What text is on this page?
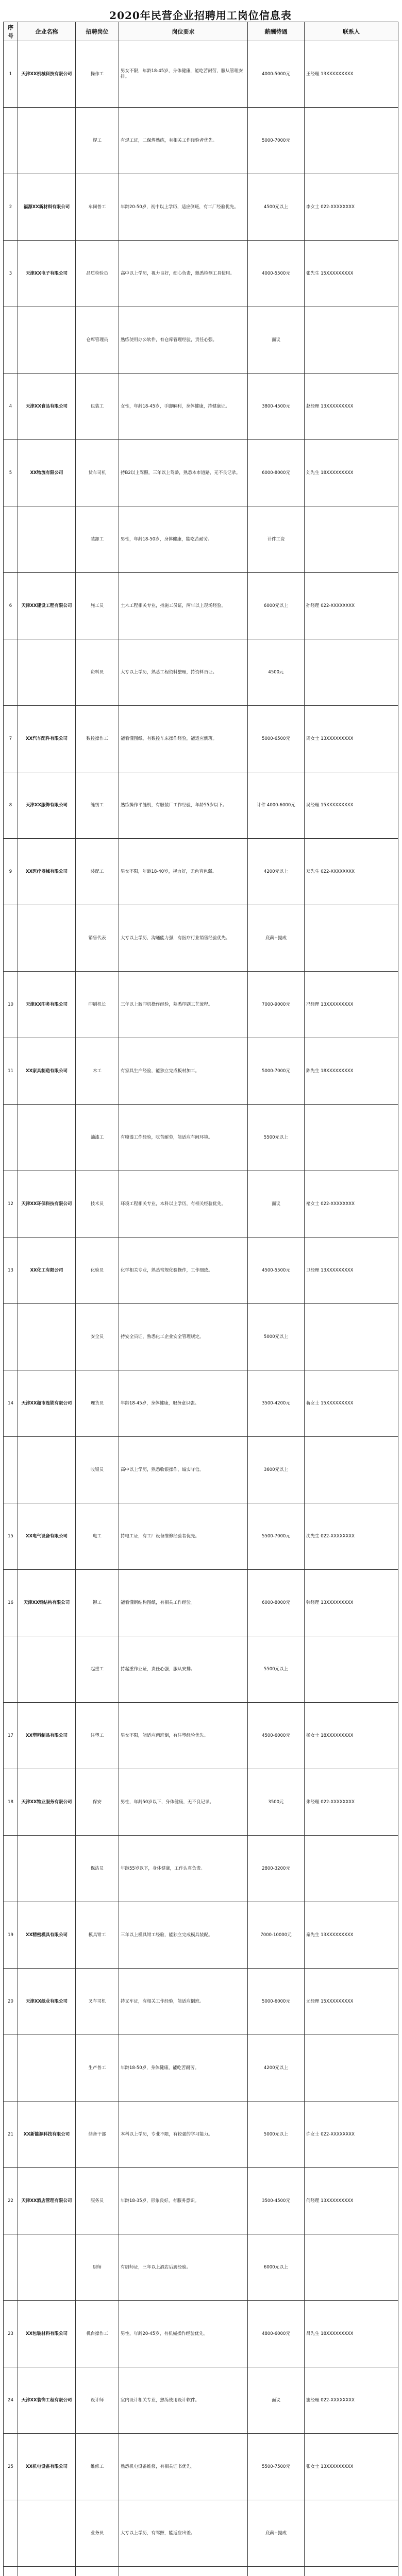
2020年民营企业招聘用工岗位信息表
序号	企业名称	招聘岗位	岗位要求	薪酬待遇	联系人
1	天津XX机械科技有限公司	操作工	男女不限，年龄18-45岁，身体健康，能吃苦耐劳，服从管理安排。	4000-5000元	王经理 13XXXXXXXXX
		焊工	有焊工证，二保焊熟练，有相关工作经验者优先。	5000-7000元	
2	福源XX新材料有限公司	车间普工	年龄20-50岁，初中以上学历，适应倒班，有工厂经验优先。	4500元以上	李女士 022-XXXXXXXX
3	天津XX电子有限公司	品质检验员	高中以上学历，视力良好，细心负责，熟悉检测工具使用。	4000-5500元	张先生 15XXXXXXXXX
		仓库管理员	熟练使用办公软件，有仓库管理经验，责任心强。	面议	
4	天津XX食品有限公司	包装工	女性，年龄18-45岁，手脚麻利，身体健康，持健康证。	3800-4500元	赵经理 13XXXXXXXXX
5	XX物流有限公司	货车司机	持B2以上驾照，三年以上驾龄，熟悉本市道路，无不良记录。	6000-8000元	刘先生 18XXXXXXXXX
		装卸工	男性，年龄18-50岁，身体健康，能吃苦耐劳。	计件工资	
6	天津XX建设工程有限公司	施工员	土木工程相关专业，持施工员证，两年以上现场经验。	6000元以上	孙经理 022-XXXXXXXX
		资料员	大专以上学历，熟悉工程资料整理，持资料员证。	4500元	
7	XX汽车配件有限公司	数控操作工	能看懂图纸，有数控车床操作经验，能适应倒班。	5000-6500元	周女士 13XXXXXXXXX
8	天津XX服饰有限公司	缝纫工	熟练操作平缝机，有服装厂工作经验，年龄55岁以下。	计件 4000-6000元	吴经理 15XXXXXXXXX
9	XX医疗器械有限公司	装配工	男女不限，年龄18-40岁，视力好，无色盲色弱。	4200元以上	郑先生 022-XXXXXXXX
		销售代表	大专以上学历，沟通能力强，有医疗行业销售经验优先。	底薪+提成	
10	天津XX印务有限公司	印刷机长	三年以上胶印机操作经验，熟悉印刷工艺流程。	7000-9000元	冯经理 13XXXXXXXXX
11	XX家具制造有限公司	木工	有家具生产经验，能独立完成板材加工。	5000-7000元	陈先生 18XXXXXXXXX
		油漆工	有喷漆工作经验，吃苦耐劳，能适应车间环境。	5500元以上	
12	天津XX环保科技有限公司	技术员	环境工程相关专业，本科以上学历，有相关经验优先。	面议	褚女士 022-XXXXXXXX
13	XX化工有限公司	化验员	化学相关专业，熟悉常规化验操作，工作细致。	4500-5500元	卫经理 13XXXXXXXXX
		安全员	持安全员证，熟悉化工企业安全管理规定。	5000元以上	
14	天津XX超市连锁有限公司	理货员	年龄18-45岁，身体健康，服务意识强。	3500-4200元	蒋女士 15XXXXXXXXX
		收银员	高中以上学历，熟悉收银操作，诚实守信。	3600元以上	
15	XX电气设备有限公司	电工	持电工证，有工厂设备维修经验者优先。	5500-7000元	沈先生 022-XXXXXXXX
16	天津XX钢结构有限公司	铆工	能看懂钢结构图纸，有相关工作经验。	6000-8000元	韩经理 13XXXXXXXXX
		起重工	持起重作业证，责任心强，服从安排。	5500元以上	
17	XX塑料制品有限公司	注塑工	男女不限，能适应两班倒，有注塑经验优先。	4500-6000元	杨女士 18XXXXXXXXX
18	天津XX物业服务有限公司	保安	男性，年龄50岁以下，身体健康，无不良记录。	3500元	朱经理 022-XXXXXXXX
		保洁员	年龄55岁以下，身体健康，工作认真负责。	2800-3200元	
19	XX精密模具有限公司	模具钳工	三年以上模具钳工经验，能独立完成模具装配。	7000-10000元	秦先生 13XXXXXXXXX
20	天津XX纸业有限公司	叉车司机	持叉车证，有相关工作经验，能适应倒班。	5000-6000元	尤经理 15XXXXXXXXX
		生产普工	年龄18-50岁，身体健康，能吃苦耐劳。	4200元以上	
21	XX新能源科技有限公司	储备干部	本科以上学历，专业不限，有较强的学习能力。	5000元以上	许女士 022-XXXXXXXX
22	天津XX酒店管理有限公司	服务员	年龄18-35岁，形象良好，有服务意识。	3500-4500元	何经理 13XXXXXXXXX
		厨师	有厨师证，三年以上酒店后厨经验。	6000元以上	
23	XX包装材料有限公司	机台操作工	男性，年龄20-45岁，有机械操作经验优先。	4800-6000元	吕先生 18XXXXXXXXX
24	天津XX装饰工程有限公司	设计师	室内设计相关专业，熟练使用设计软件。	面议	施经理 022-XXXXXXXX
25	XX机电设备有限公司	维修工	熟悉机电设备维修，有相关证书优先。	5500-7500元	张女士 13XXXXXXXXX
		业务员	大专以上学历，有驾照，能适应出差。	底薪+提成	
